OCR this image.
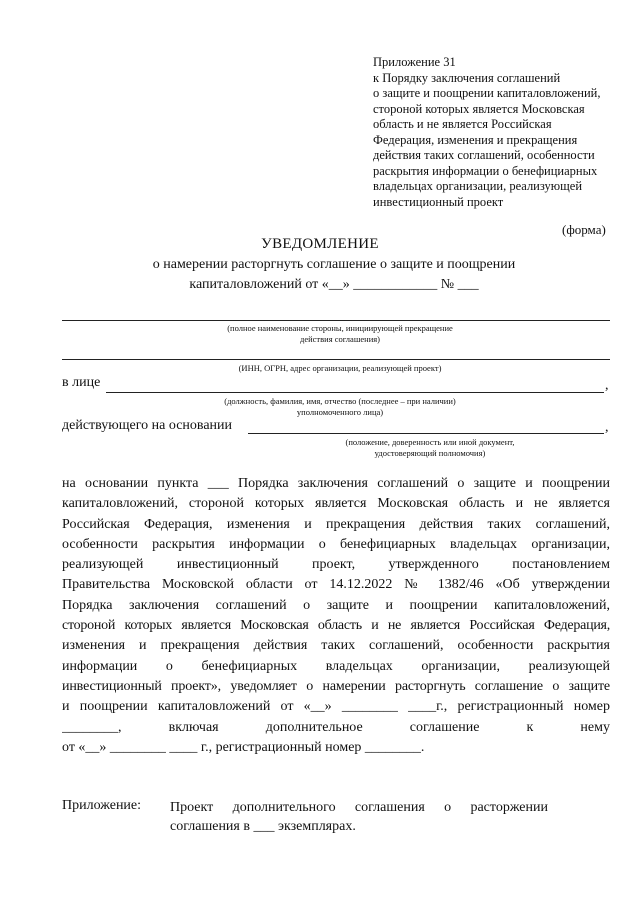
Приложение 31
к Порядку заключения соглашений
о защите и поощрении капиталовложений,
стороной которых является Московская
область и не является Российская
Федерация, изменения и прекращения
действия таких соглашений, особенности
раскрытия информации о бенефициарных
владельцах организации, реализующей
инвестиционный проект
(форма)
УВЕДОМЛЕНИЕ
о намерении расторгнуть соглашение о защите и поощрении
капиталовложений от «__» ____________ № ___
(полное наименование стороны, инициирующей прекращение
действия соглашения)
(ИНН, ОГРН, адрес организации, реализующей проект)
в лице	,
(должность, фамилия, имя, отчество (последнее – при наличии)
уполномоченного лица)
действующего на основании	,
(положение, доверенность или иной документ,
удостоверяющий полномочия)
на основании пункта ___ Порядка заключения соглашений о защите и поощрении
капиталовложений, стороной которых является Московская область и не является
Российская Федерация, изменения и прекращения действия таких соглашений,
особенности раскрытия информации о бенефициарных владельцах организации,
реализующей инвестиционный проект, утвержденного постановлением
Правительства Московской области от 14.12.2022 № 1382/46 «Об утверждении
Порядка заключения соглашений о защите и поощрении капиталовложений,
стороной которых является Московская область и не является Российская Федерация,
изменения и прекращения действия таких соглашений, особенности раскрытия
информации о бенефициарных владельцах организации, реализующей
инвестиционный проект», уведомляет о намерении расторгнуть соглашение о защите
и поощрении капиталовложений от «__» ________ ____г., регистрационный номер
________, включая дополнительное соглашение к нему
от «__» ________ ____ г., регистрационный номер ________.
Приложение: Проект дополнительного соглашения о расторжении
соглашения в ___ экземплярах.
